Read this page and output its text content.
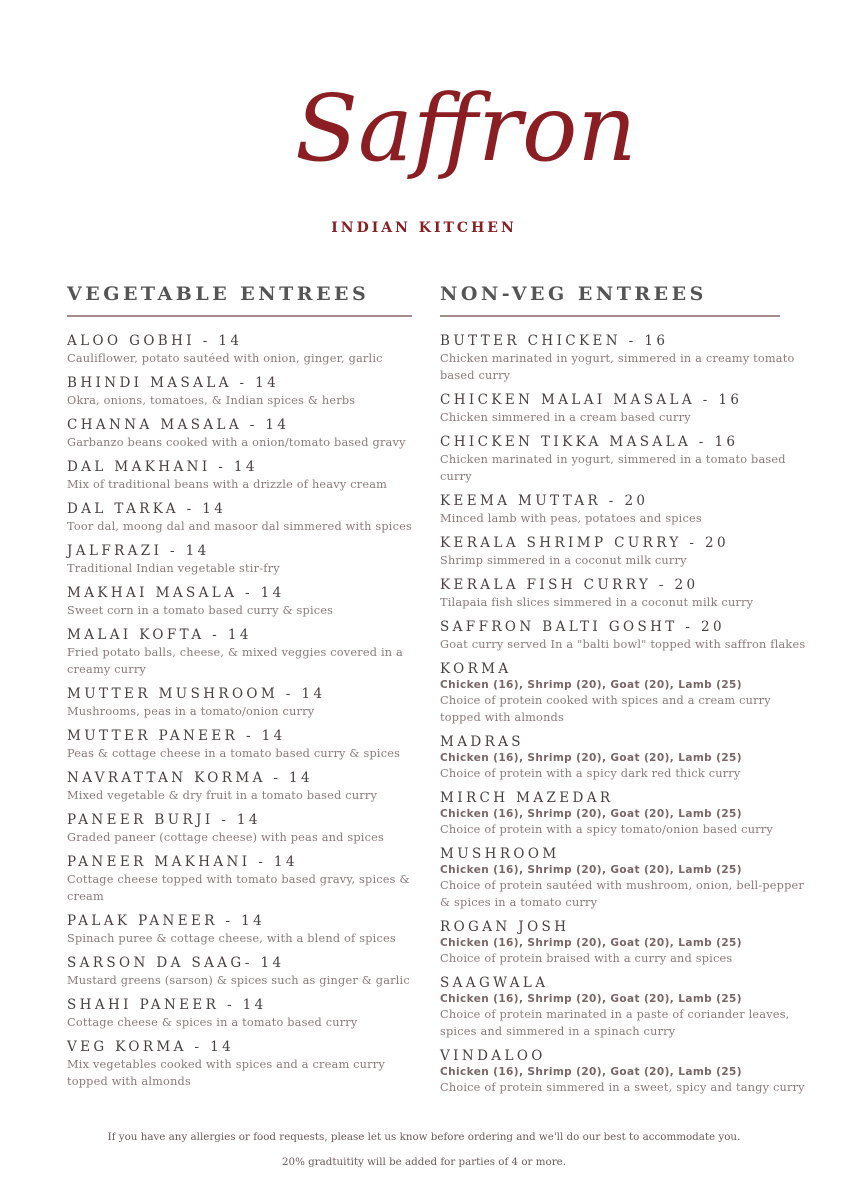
Saffron
INDIAN KITCHEN
VEGETABLE ENTREES
ALOO GOBHI - 14
Cauliflower, potato sautéed with onion, ginger, garlic
BHINDI MASALA - 14
Okra, onions, tomatoes, & Indian spices & herbs
CHANNA MASALA - 14
Garbanzo beans cooked with a onion/tomato based gravy
DAL MAKHANI - 14
Mix of traditional beans with a drizzle of heavy cream
DAL TARKA - 14
Toor dal, moong dal and masoor dal simmered with spices
JALFRAZI - 14
Traditional Indian vegetable stir-fry
MAKHAI MASALA - 14
Sweet corn in a tomato based curry & spices
MALAI KOFTA - 14
Fried potato balls, cheese, & mixed veggies covered in a creamy curry
MUTTER MUSHROOM - 14
Mushrooms, peas in a tomato/onion curry
MUTTER PANEER - 14
Peas & cottage cheese in a tomato based curry & spices
NAVRATTAN KORMA - 14
Mixed vegetable & dry fruit in a tomato based curry
PANEER BURJI - 14
Graded paneer (cottage cheese) with peas and spices
PANEER MAKHANI - 14
Cottage cheese topped with tomato based gravy, spices & cream
PALAK PANEER - 14
Spinach puree & cottage cheese, with a blend of spices
SARSON DA SAAG- 14
Mustard greens (sarson) & spices such as ginger & garlic
SHAHI PANEER - 14
Cottage cheese & spices in a tomato based curry
VEG KORMA - 14
Mix vegetables cooked with spices and a cream curry topped with almonds
NON-VEG ENTREES
BUTTER CHICKEN - 16
Chicken marinated in yogurt, simmered in a creamy tomato based curry
CHICKEN MALAI MASALA - 16
Chicken simmered in a cream based curry
CHICKEN TIKKA MASALA - 16
Chicken marinated in yogurt, simmered in a tomato based curry
KEEMA MUTTAR - 20
Minced lamb with peas, potatoes and spices
KERALA SHRIMP CURRY - 20
Shrimp simmered in a coconut milk curry
KERALA FISH CURRY - 20
Tilapaia fish slices simmered in a coconut milk curry
SAFFRON BALTI GOSHT - 20
Goat curry served In a "balti bowl" topped with saffron flakes
KORMA
Chicken (16), Shrimp (20), Goat (20), Lamb (25)
Choice of protein cooked with spices and a cream curry topped with almonds
MADRAS
Chicken (16), Shrimp (20), Goat (20), Lamb (25)
Choice of protein with a spicy dark red thick curry
MIRCH MAZEDAR
Chicken (16), Shrimp (20), Goat (20), Lamb (25)
Choice of protein with a spicy tomato/onion based curry
MUSHROOM
Chicken (16), Shrimp (20), Goat (20), Lamb (25)
Choice of protein sautéed with mushroom, onion, bell-pepper & spices in a tomato curry
ROGAN JOSH
Chicken (16), Shrimp (20), Goat (20), Lamb (25)
Choice of protein braised with a curry and spices
SAAGWALA
Chicken (16), Shrimp (20), Goat (20), Lamb (25)
Choice of protein marinated in a paste of coriander leaves, spices and simmered in a spinach curry
VINDALOO
Chicken (16), Shrimp (20), Goat (20), Lamb (25)
Choice of protein simmered in a sweet, spicy and tangy curry
If you have any allergies or food requests, please let us know before ordering and we'll do our best to accommodate you.
20% gradtuitity will be added for parties of 4 or more.
